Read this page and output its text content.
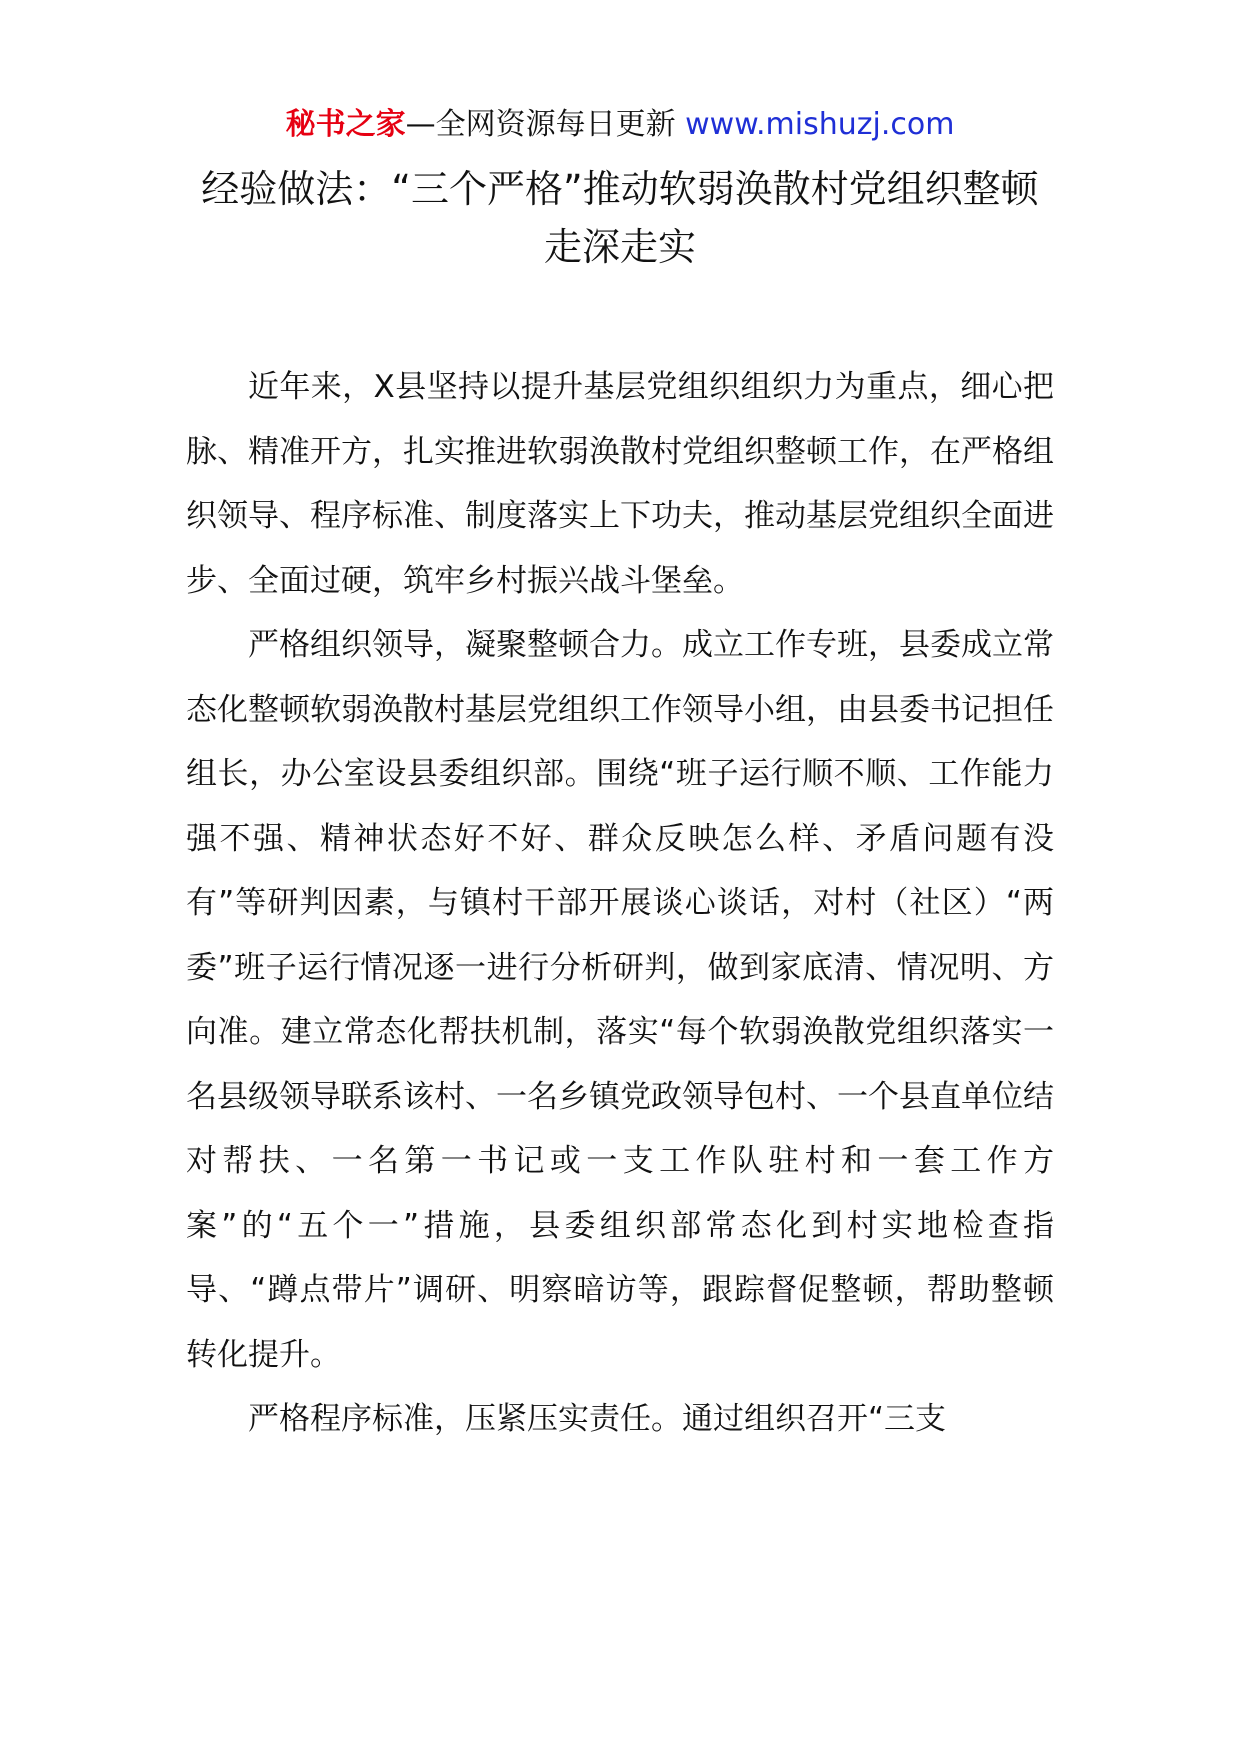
秘书之家—全网资源每日更新 www.mishuzj.com
经验做法：“三个严格”推动软弱涣散村党组织整顿走深走实

近年来，X县坚持以提升基层党组织组织力为重点，细心把脉、精准开方，扎实推进软弱涣散村党组织整顿工作，在严格组织领导、程序标准、制度落实上下功夫，推动基层党组织全面进步、全面过硬，筑牢乡村振兴战斗堡垒。

严格组织领导，凝聚整顿合力。成立工作专班，县委成立常态化整顿软弱涣散村基层党组织工作领导小组，由县委书记担任组长，办公室设县委组织部。围绕“班子运行顺不顺、工作能力强不强、精神状态好不好、群众反映怎么样、矛盾问题有没有”等研判因素，与镇村干部开展谈心谈话，对村（社区）“两委”班子运行情况逐一进行分析研判，做到家底清、情况明、方向准。建立常态化帮扶机制，落实“每个软弱涣散党组织落实一名县级领导联系该村、一名乡镇党政领导包村、一个县直单位结对帮扶、一名第一书记或一支工作队驻村和一套工作方案”的“五个一”措施，县委组织部常态化到村实地检查指导、“蹲点带片”调研、明察暗访等，跟踪督促整顿，帮助整顿转化提升。

严格程序标准，压紧压实责任。通过组织召开“三支
